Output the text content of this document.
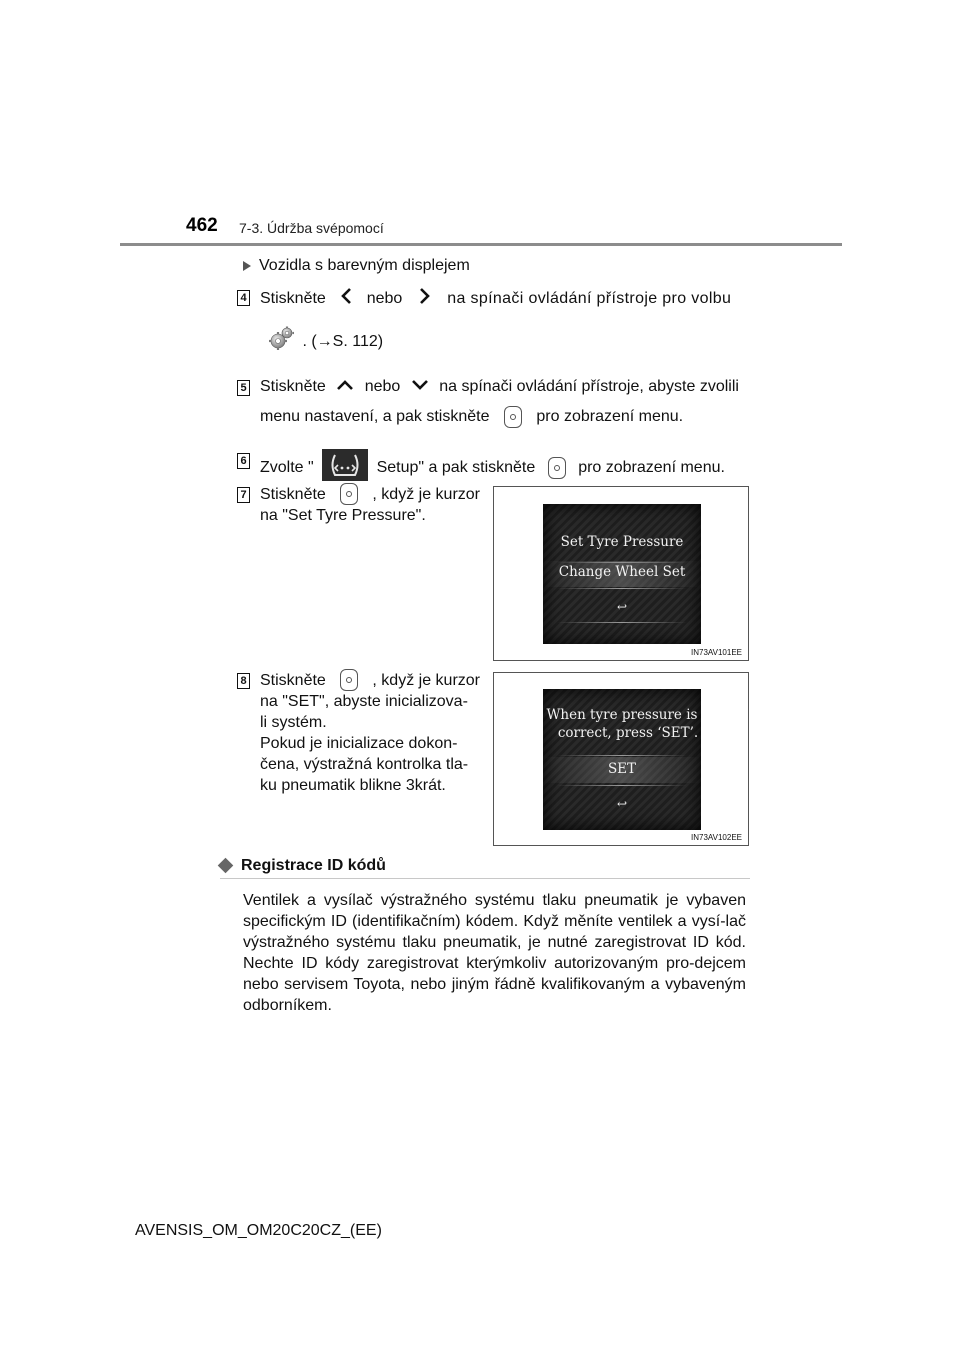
462 7-3. Údržba svépomocí
Vozidla s barevným displejem
4 Stiskněte	nebo	na spínači ovládání přístroje pro volbu
. (→S. 112)
5 Stiskněte nebo na spínači ovládání přístroje, abyste zvolili
menu nastavení, a pak stiskněte	pro zobrazení menu.
6 Zvolte "	Setup" a pak stiskněte	pro zobrazení menu.
7 Stiskněte	, když je kurzor
na "Set Tyre Pressure".
Set Tyre Pressure
Change Wheel Set
↩
IN73AV101EE
8 Stiskněte	, když je kurzor
na "SET", abyste inicializova-
li systém.
Pokud je inicializace dokon-
čena, výstražná kontrolka tla-
ku pneumatik blikne 3krát.
When tyre pressure is
correct, press ‘SET’.
SET
↩
IN73AV102EE
Registrace ID kódů
Ventilek a vysílač výstražného systému tlaku pneumatik je vybaven specifickým ID (identifikačním) kódem. Když měníte ventilek a vysí-lač výstražného systému tlaku pneumatik, je nutné zaregistrovat ID kód. Nechte ID kódy zaregistrovat kterýmkoliv autorizovaným pro-dejcem nebo servisem Toyota, nebo jiným řádně kvalifikovaným a vybaveným odborníkem.
AVENSIS_OM_OM20C20CZ_(EE)
